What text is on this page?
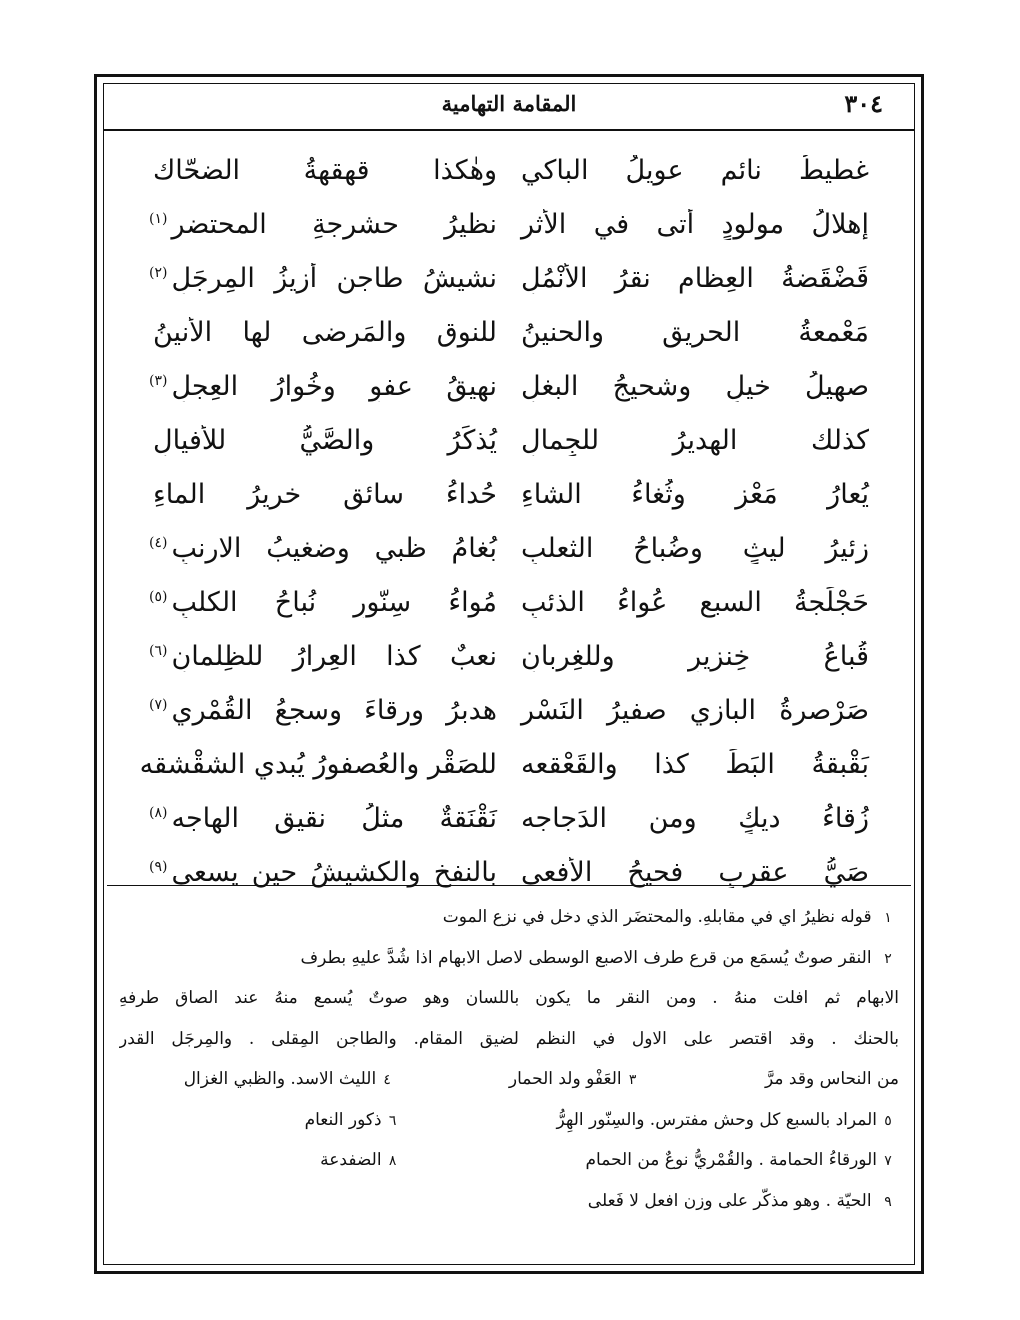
٣٠٤
المقامة التهامية
غطيطُ نائمٍ عويلُ الباكي
وهٰكذا قهقهةُ الضحّاك
إهلالُ مولودٍ أتى في الأثرِ
نظيرُ حشرجةِ المحتضرِ$^{(١)}$
قَضْقَضةُ العِظامِ نقرُ الأَنْمُلِ
نشيشُ طاجنٍ أزيزُ المِرجَلِ$^{(٢)}$
مَعْمعةُ الحريقِ والحنينُ
للنوق والمَرضى لها الأنينُ
صهيلُ خيلٍ وشحيجُ البغلِ
نهيقُ عفوٍ وخُوارُ العِجلِ$^{(٣)}$
كذلك الهديرُ للجِمالِ
يُذكَرُ والصَّيُّ للأفيالِ
يُعارُ مَعْزٍ وثُغاءُ الشاءِ
حُداءُ سائقٍ خريرُ الماءِ
زئيرُ ليثٍ وضُباحُ الثعلبِ
بُغامُ ظبيٍ وضغيبُ الارنبِ$^{(٤)}$
حَجْلَجةُ السبعِ عُواءُ الذئبِ
مُواءُ سِنّورٍ نُباحُ الكلبِ$^{(٥)}$
قُباعُ خِنزيرٍ وللغِربانِ
نعبٌ كذا العِرارُ للظِلمانِ$^{(٦)}$
صَرْصرةُ البازي صفيرُ النَسْرِ
هدبرُ ورقاءَ وسجعُ القُمْري$^{(٧)}$
بَقْبقةُ البَطِّ كذا والقَعْقعه
للصَقْرِ والعُصفورُ يُبدي الشقْشقه
زُقاءُ ديكٍ ومن الدَجاجه
نَقْنَقةٌ مثلُ نقيقِ الهاجه$^{(٨)}$
صَيُّ عقربٍ فحيحُ الأفعى
بالنفخِ والكشيشُ حين يسعى$^{(٩)}$
١ قوله نظيرُ اي في مقابلهِ. والمحتضَر الذي دخل في نزع الموت
٢ النقر صوتٌ يُسمَع من قرع طرف الاصبع الوسطى لاصل الابهام اذا شُدَّ عليهِ بطرف
الابهام ثم افلت منهُ . ومن النقر ما يكون باللسان وهو صوتٌ يُسمع منهُ عند الصاق طرفهِ
بالحنك . وقد اقتصر على الاول في النظم لضيق المقام. والطاجن المِقلى . والمِرجَل القدر
من النحاس وقد مرَّ ٣العَفْو ولد الحمار ٤الليث الاسد. والظبي الغزال
٥المراد بالسبع كل وحش مفترس. والسِنّور الهِرُّ ٦ذكور النعام
٧الورقاءُ الحمامة . والقُمْريُّ نوعٌ من الحمام ٨الضفدعة
٩ الحيّة . وهو مذكّر على وزن افعل لا فَعلى
